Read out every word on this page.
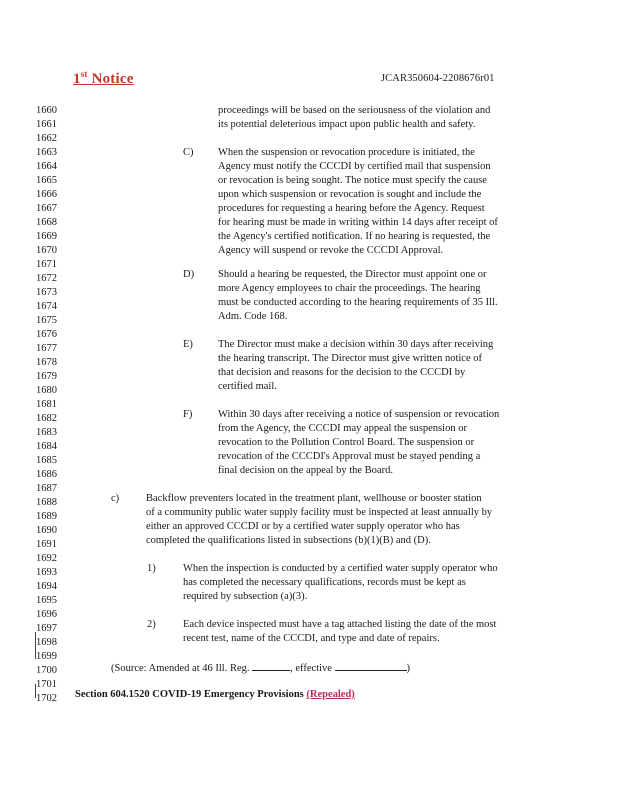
1st Notice	JCAR350604-2208676r01
1660
1661
1662
1663
1664
1665
1666
1667
1668
1669
1670
1671
1672
1673
1674
1675
1676
1677
1678
1679
1680
1681
1682
1683
1684
1685
1686
1687
1688
1689
1690
1691
1692
1693
1694
1695
1696
1697
1698
1699
1700
1701
1702
proceedings will be based on the seriousness of the violation and
its potential deleterious impact upon public health and safety.
C) When the suspension or revocation procedure is initiated, the
Agency must notify the CCCDI by certified mail that suspension
or revocation is being sought. The notice must specify the cause
upon which suspension or revocation is sought and include the
procedures for requesting a hearing before the Agency. Request
for hearing must be made in writing within 14 days after receipt of
the Agency's certified notification. If no hearing is requested, the
Agency will suspend or revoke the CCCDI Approval.
D) Should a hearing be requested, the Director must appoint one or
more Agency employees to chair the proceedings. The hearing
must be conducted according to the hearing requirements of 35 Ill.
Adm. Code 168.
E) The Director must make a decision within 30 days after receiving
the hearing transcript. The Director must give written notice of
that decision and reasons for the decision to the CCCDI by
certified mail.
F) Within 30 days after receiving a notice of suspension or revocation
from the Agency, the CCCDI may appeal the suspension or
revocation to the Pollution Control Board. The suspension or
revocation of the CCCDI's Approval must be stayed pending a
final decision on the appeal by the Board.
c)	Backflow preventers located in the treatment plant, wellhouse or booster station
of a community public water supply facility must be inspected at least annually by
either an approved CCCDI or by a certified water supply operator who has
completed the qualifications listed in subsections (b)(1)(B) and (D).
1)	When the inspection is conducted by a certified water supply operator who
has completed the necessary qualifications, records must be kept as
required by subsection (a)(3).
2)	Each device inspected must have a tag attached listing the date of the most
recent test, name of the CCCDI, and type and date of repairs.
(Source: Amended at 46 Ill. Reg.	, effective	)
Section 604.1520 COVID-19 Emergency Provisions (Repealed)
